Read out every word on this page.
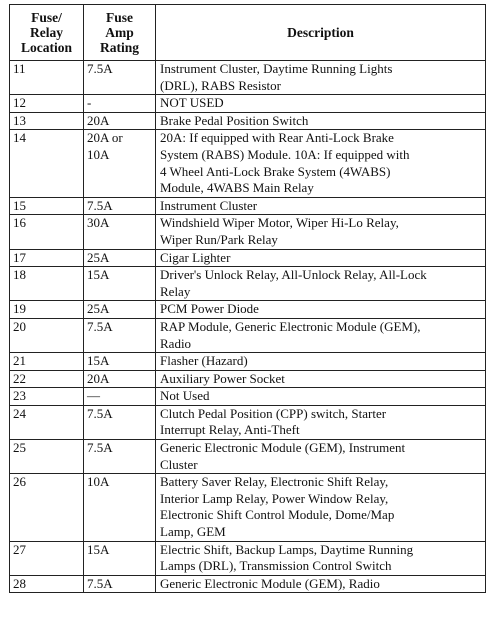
Fuse/
Relay
Location	Fuse
Amp
Rating	Description
11	7.5A	Instrument Cluster, Daytime Running Lights
(DRL), RABS Resistor

12	-	NOT USED

13	20A	Brake Pedal Position Switch

14	20A or
10A	20A: If equipped with Rear Anti-Lock Brake
System (RABS) Module. 10A: If equipped with
4 Wheel Anti-Lock Brake System (4WABS)
Module, 4WABS Main Relay

15	7.5A	Instrument Cluster

16	30A	Windshield Wiper Motor, Wiper Hi-Lo Relay,
Wiper Run/Park Relay

17	25A	Cigar Lighter

18	15A	Driver's Unlock Relay, All-Unlock Relay, All-Lock
Relay

19	25A	PCM Power Diode

20	7.5A	RAP Module, Generic Electronic Module (GEM),
Radio

21	15A	Flasher (Hazard)

22	20A	Auxiliary Power Socket

23	—	Not Used

24	7.5A	Clutch Pedal Position (CPP) switch, Starter
Interrupt Relay, Anti-Theft

25	7.5A	Generic Electronic Module (GEM), Instrument
Cluster

26	10A	Battery Saver Relay, Electronic Shift Relay,
Interior Lamp Relay, Power Window Relay,
Electronic Shift Control Module, Dome/Map
Lamp, GEM

27	15A	Electric Shift, Backup Lamps, Daytime Running
Lamps (DRL), Transmission Control Switch

28	7.5A	Generic Electronic Module (GEM), Radio
